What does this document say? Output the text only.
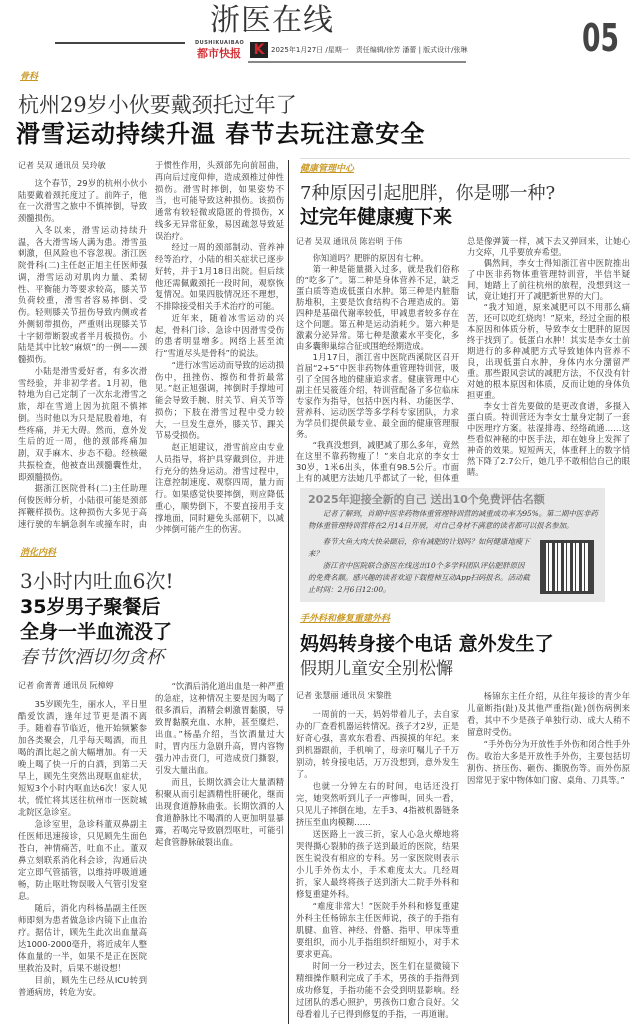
浙医在线
DUSHIKUAIBAO
都市快报 K 2025年1月27日 /星期一　责任编辑/徐芳 潘蕾 | 版式设计/张琳	05
骨科
杭州29岁小伙要戴颈托过年了
滑雪运动持续升温 春节去玩注意安全
记者 吴双 通讯员 吴玲敏

这个春节，29岁的杭州小伙小陆要戴着颈托度过了。前阵子，他在一次滑雪之旅中不慎摔倒，导致颈髓损伤。

入冬以来，滑雪运动持续升温，各大滑雪场人满为患。滑雪虽刺激，但风险也不容忽视。浙江医院骨科(二)主任赵正旭主任医师强调，滑雪运动对肌肉力量、柔韧性、平衡能力等要求较高，膝关节负荷较重，滑雪者容易摔倒、受伤。轻则膝关节扭伤导致内侧或者外侧韧带损伤，严重则出现膝关节十字韧带断裂或者半月板损伤。小陆是其中比较“麻烦”的一例——颈髓损伤。

小陆是滑雪爱好者，有多次滑雪经验，并非初学者。1月初，他特地为自己定制了一次东北滑雪之旅，却在雪道上因为抗阻不慎摔倒。当时他以为只是屁股着地，有些疼痛，并无大碍。然而，意外发生后的近一周，他的颈部疼痛加剧，双手麻木、步态不稳。经核磁共振检查，他被查出颈髓囊性灶，即颈髓损伤。

据浙江医院骨科(二)主任助理何俊医师分析，小陆很可能是颈部挥鞭样损伤。这种损伤大多见于高速行驶的车辆急刹车或撞车时，由于惯性作用，头颈部先向前屈曲，再向后过度仰伸，造成颈椎过伸性损伤。滑雪时摔倒，如果姿势不当，也可能导致这种损伤。该损伤通常有较轻微或隐匿的骨损伤，X线多无异常征象，易因疏忽导致延误治疗。

经过一周的颈部制动、营养神经等治疗，小陆的相关症状已逐步好转，并于1月18日出院。但后续他还需佩戴颈托一段时间，观察恢复情况。如果四肢情况还不理想，不排除接受相关手术治疗的可能。

近年来，随着冰雪运动的兴起，骨科门诊、急诊中因滑雪受伤的患者明显增多。网络上甚至流行“雪道尽头是骨科”的说法。

“进行冰雪运动而导致的运动损伤中，扭挫伤、擦伤和骨折最常见。”赵正旭强调，摔倒时手撑地可能会导致手腕、肘关节、肩关节等损伤；下肢在滑雪过程中受力较大，一旦发生意外，膝关节、踝关节易受损伤。

赵正旭建议，滑雪前应由专业人员指导，将护具穿戴到位，并进行充分的热身运动。滑雪过程中，注意控制速度、观察四周，量力而行。如果感觉快要摔倒，则应降低重心，顺势倒下，不要直接用手支撑地面，同时避免头部朝下，以减少摔倒可能产生的伤害。

消化内科
3小时内吐血6次!
35岁男子聚餐后
全身一半血流没了
春节饮酒切勿贪杯
记者 俞菁菁 通讯员 阮樟婷

35岁顾先生，丽水人，平日里酷爱饮酒，逢年过节更是酒不离手。随着春节临近，他开始频繁参加各类聚会，几乎每天喝酒，而且喝的酒比起之前大幅增加。有一天晚上喝了快一斤的白酒，到第二天早上，顾先生突然出现呕血症状，短短3个小时内呕血达6次！家人见状，慌忙将其送往杭州市一医院城北院区急诊室。

急诊室里，急诊科董双鼻副主任医师迅速接诊，只见顾先生面色苍白，神情痛苦，吐血不止。董双鼻立刻联系消化科会诊，沟通后决定立即气管插管，以维持呼吸道通畅，防止呕吐物误吸入气管引发窒息。

随后，消化内科杨晶副主任医师即刻为患者做急诊内镜下止血治疗。据估计，顾先生此次出血量高达1000-2000毫升，将近成年人整体血量的一半，如果不是正在医院里救治及时，后果不堪设想！

目前，顾先生已经从ICU转到普通病房，转危为安。

“饮酒后消化道出血是一种严重的急症，这种情况主要是因为喝了很多酒后，酒精会刺激胃黏膜，导致胃黏膜充血、水肿，甚至糜烂、出血。”杨晶介绍，当饮酒量过大时，胃内压力急剧升高，胃内容物强力冲击贲门，可造成贲门撕裂，引发大量出血。

而且，长期饮酒会让大量酒精积聚从而引起酒精性肝硬化，继而出现食道静脉曲张。长期饮酒的人食道静脉比不喝酒的人更加明显暴露，若喝完导致剧烈呕吐，可能引起食管静脉破裂出血。

健康管理中心
7种原因引起肥胖，你是哪一种?
过完年健康瘦下来
记者 吴双 通讯员 陈岩明 于伟

你知道吗？肥胖的原因有七种。

第一种是能量摄入过多，就是我们俗称的“吃多了”。第二种是身体营养不足，缺乏蛋白质等造成低蛋白水肿。第三种是内脏脂肪堆积，主要是饮食结构不合理造成的。第四种是基础代谢率较低，甲减患者较多存在这个问题。第五种是运动消耗少。第六种是激素分泌异常。第七种是激素水平变化，多由多囊卵巢综合征或围绝经期造成。

1月17日，浙江省中医院西溪院区召开首届“2+5”中医非药物体重管理特训营，吸引了全国各地的健康追求者。健康管理中心副主任吴筱莲介绍，特训营配备了多位临床专家作为指导，包括中医内科、功能医学、营养科、运动医学等多学科专家团队，力求为学员们提供最专业、最全面的健康管理服务。

“我真没想到，减肥减了那么多年，竟然在这里不靠药物瘦了！”来自北京的李女士30岁，1米6出头，体重有98.5公斤。市面上有的减肥方法她几乎都试了一轮，但体重总是像弹簧一样，减下去又弹回来，让她心力交瘁，几乎要放弃希望。

偶然间，李女士得知浙江省中医院推出了中医非药物体重管理特训营，半信半疑间，她踏上了前往杭州的旅程，没想到这一试，竟让她打开了减肥新世界的大门。

“我才知道，原来减肥可以不用那么痛苦，还可以吃红烧肉！”原来，经过全面的根本原因和体质分析，导致李女士肥胖的原因终于找到了。低蛋白水肿！其实是李女士前期进行的多种减肥方式导致她体内营养不良，出现低蛋白水肿，身体内水分潴留严重。那些跟风尝试的减肥方法，不仅没有针对她的根本原因和体质，反而让她的身体负担更重。

李女士首先要做的是更改食谱，多摄入蛋白质。特训营还为李女士量身定制了一套中医理疗方案。祛湿排毒、经络疏通……这些看似神秘的中医手法，却在她身上发挥了神奇的效果。短短两天，体重秤上的数字悄然下降了2.7公斤，她几乎不敢相信自己的眼睛。

2025年迎接全新的自己 送出10个免费评估名额

记者了解到，首期中医非药物体重管理特训营的减重成功率为95%。第二期中医非药物体重管理特训营将在2月14日开展，对自己身材不满意的读者都可以报名参加。

春节大鱼大肉大快朵颐后，你有减肥的计划吗？如何健康地瘦下来？

浙江省中医院联合浙医在线送出10个多学科团队评估肥胖原因的免费名额。感兴趣的读者欢迎下载橙柿互动App扫码报名。活动截止时间：2月6日12:00。

手外科和修复重建外科
妈妈转身接个电话 意外发生了
假期儿童安全别松懈
记者 张慧丽 通讯员 宋黎胜

一周前的一天，妈妈带着儿子，去自家办的厂查看机器运转情况。孩子才2岁，正是好奇心强，喜欢东看看、西摸摸的年纪。来到机器跟前，手机响了，母亲叮嘱儿子千万别动，转身接电话，万万没想到，意外发生了。

也就一分钟左右的时间，电话还没打完，她突然听到儿子一声惨叫，回头一看，只见儿子摔倒在地，左手3、4指被机器链条挤压至血肉模糊……

送医路上一波三折，家人心急火燎地将哭得撕心裂肺的孩子送到最近的医院，结果医生说没有相应的专科。另一家医院则表示小儿手外伤太小，手术难度太大。几经周折，家人最终将孩子送到浙大二院手外科和修复重建外科。

“难度非常大！”医院手外科和修复重建外科主任杨锦东主任医师说，孩子的手指有肌腱、血管、神经、骨骼、指甲、甲床等重要组织，而小儿手指组织纤细短小，对手术要求更高。

时间一分一秒过去，医生们在显微镜下精细操作顺利完成了手术，男孩的手指得到成功修复，手指功能不会受到明显影响。经过团队的悉心照护，男孩伤口愈合良好。父母看着儿子已得到修复的手指，一再道谢。

杨锦东主任介绍，从往年接诊的青少年儿童断指(趾)及其他严重指(趾)创伤病例来看，其中不少是孩子单独行动、成大人稍不留意时受伤。

“手外伤分为开放性手外伤和闭合性手外伤。收治大多是开放性手外伤，主要包括切割伤、挤压伤、砸伤、撕脱伤等。而外伤原因常见于家中物体如门窗、桌角、刀具等。”
